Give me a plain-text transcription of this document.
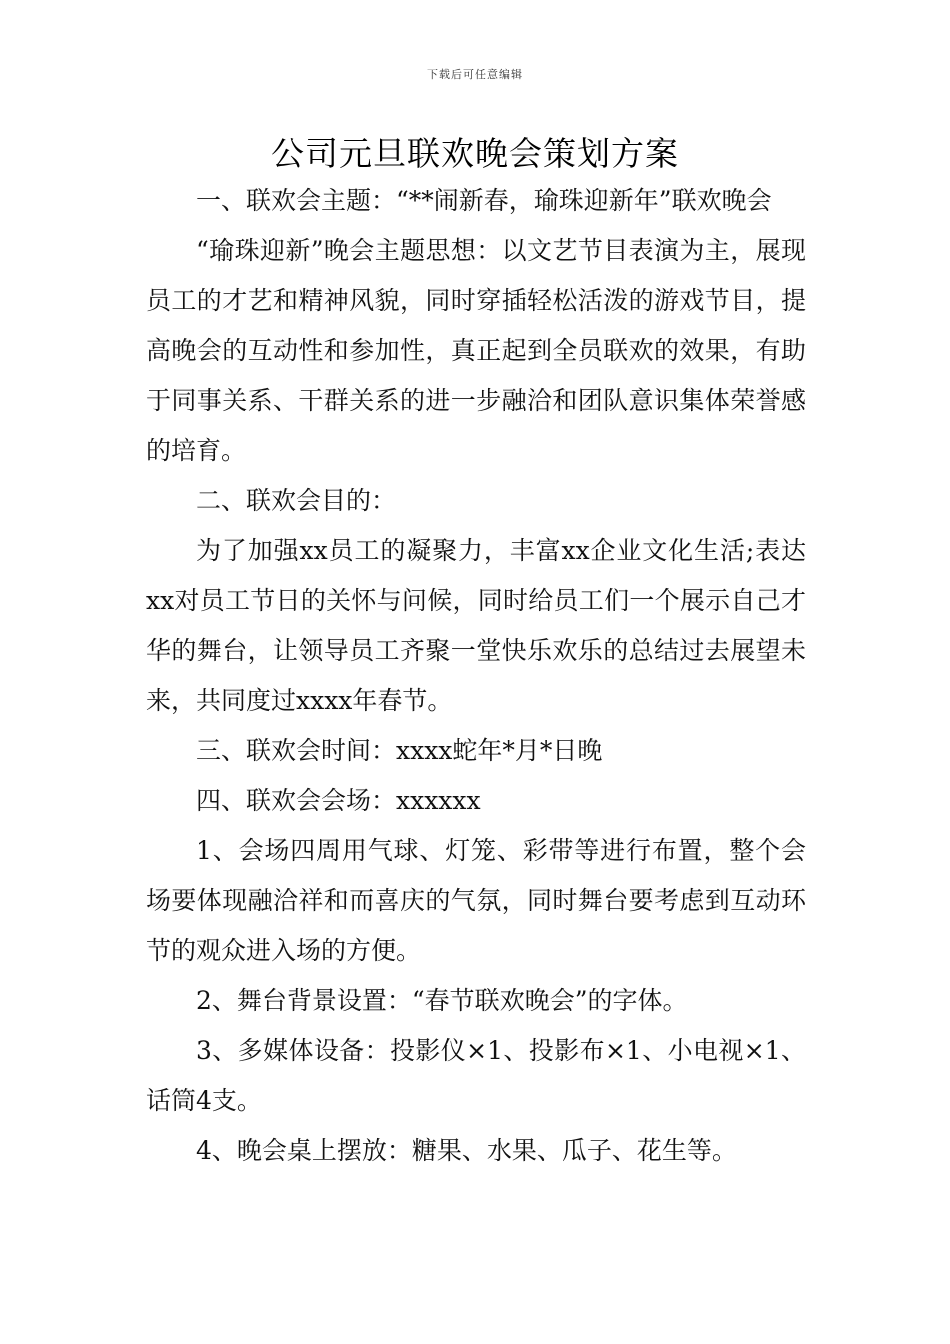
下载后可任意编辑
公司元旦联欢晚会策划方案

一、联欢会主题：“**闹新春，瑜珠迎新年”联欢晚会

“瑜珠迎新”晚会主题思想：以文艺节目表演为主，展现员工的才艺和精神风貌，同时穿插轻松活泼的游戏节目，提高晚会的互动性和参加性，真正起到全员联欢的效果，有助于同事关系、干群关系的进一步融洽和团队意识集体荣誉感的培育。

二、联欢会目的：

为了加强xx员工的凝聚力，丰富xx企业文化生活;表达xx对员工节日的关怀与问候，同时给员工们一个展示自己才华的舞台，让领导员工齐聚一堂快乐欢乐的总结过去展望未来，共同度过xxxx年春节。

三、联欢会时间：xxxx蛇年*月*日晚

四、联欢会会场：xxxxxx

1、会场四周用气球、灯笼、彩带等进行布置，整个会场要体现融洽祥和而喜庆的气氛，同时舞台要考虑到互动环节的观众进入场的方便。

2、舞台背景设置：“春节联欢晚会”的字体。

3、多媒体设备：投影仪×1、投影布×1、小电视×1、话筒4支。

4、晚会桌上摆放：糖果、水果、瓜子、花生等。
